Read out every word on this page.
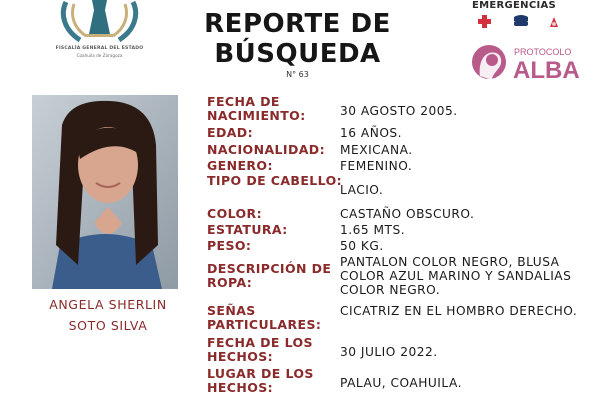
FISCALÍA GENERAL DEL ESTADO
Coahuila de Zaragoza
REPORTE DE
BÚSQUEDA
N° 63
EMERGENCIAS
PROTOCOLO
ALBA
ANGELA SHERLIN
SOTO SILVA
FECHA DE NACIMIENTO:	30 AGOSTO 2005.
EDAD:	16 AÑOS.
NACIONALIDAD:	MEXICANA.
GENERO:	FEMENINO.
TIPO DE CABELLO:
LACIO.
COLOR:	CASTAÑO OBSCURO.
ESTATURA:	1.65 MTS.
PESO:	50 KG.
DESCRIPCIÓN DE ROPA:
PANTALON COLOR NEGRO, BLUSA COLOR AZUL MARINO Y SANDALIAS COLOR NEGRO.
SEÑAS PARTICULARES:
CICATRIZ EN EL HOMBRO DERECHO.
FECHA DE LOS HECHOS:	30 JULIO 2022.
LUGAR DE LOS HECHOS:	PALAU, COAHUILA.
